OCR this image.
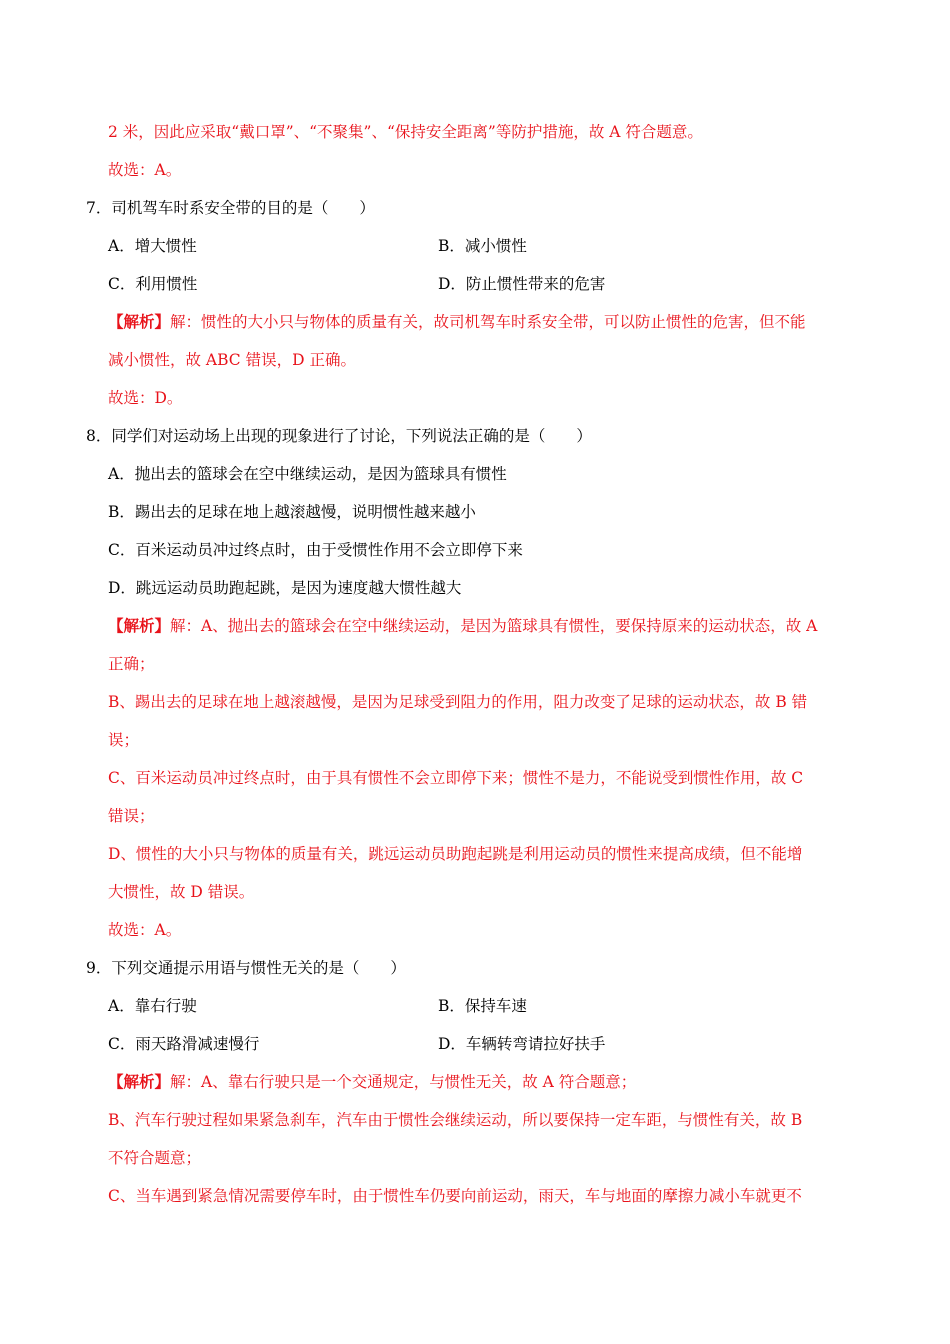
2 米，因此应采取“戴口罩”、“不聚集”、“保持安全距离”等防护措施，故 A 符合题意。
故选：A。
7．司机驾车时系安全带的目的是（　　）
A．增大惯性	B．减小惯性
C．利用惯性	D．防止惯性带来的危害
【解析】解：惯性的大小只与物体的质量有关，故司机驾车时系安全带，可以防止惯性的危害，但不能
减小惯性，故 ABC 错误，D 正确。
故选：D。
8．同学们对运动场上出现的现象进行了讨论，下列说法正确的是（　　）
A．抛出去的篮球会在空中继续运动，是因为篮球具有惯性
B．踢出去的足球在地上越滚越慢，说明惯性越来越小
C．百米运动员冲过终点时，由于受惯性作用不会立即停下来
D．跳远运动员助跑起跳，是因为速度越大惯性越大
【解析】解：A、抛出去的篮球会在空中继续运动，是因为篮球具有惯性，要保持原来的运动状态，故 A
正确；
B、踢出去的足球在地上越滚越慢，是因为足球受到阻力的作用，阻力改变了足球的运动状态，故 B 错
误；
C、百米运动员冲过终点时，由于具有惯性不会立即停下来；惯性不是力，不能说受到惯性作用，故 C
错误；
D、惯性的大小只与物体的质量有关，跳远运动员助跑起跳是利用运动员的惯性来提高成绩，但不能增
大惯性，故 D 错误。
故选：A。
9．下列交通提示用语与惯性无关的是（　　）
A．靠右行驶	B．保持车速
C．雨天路滑减速慢行	D．车辆转弯请拉好扶手
【解析】解：A、靠右行驶只是一个交通规定，与惯性无关，故 A 符合题意；
B、汽车行驶过程如果紧急刹车，汽车由于惯性会继续运动，所以要保持一定车距，与惯性有关，故 B
不符合题意；
C、当车遇到紧急情况需要停车时，由于惯性车仍要向前运动，雨天，车与地面的摩擦力减小车就更不
